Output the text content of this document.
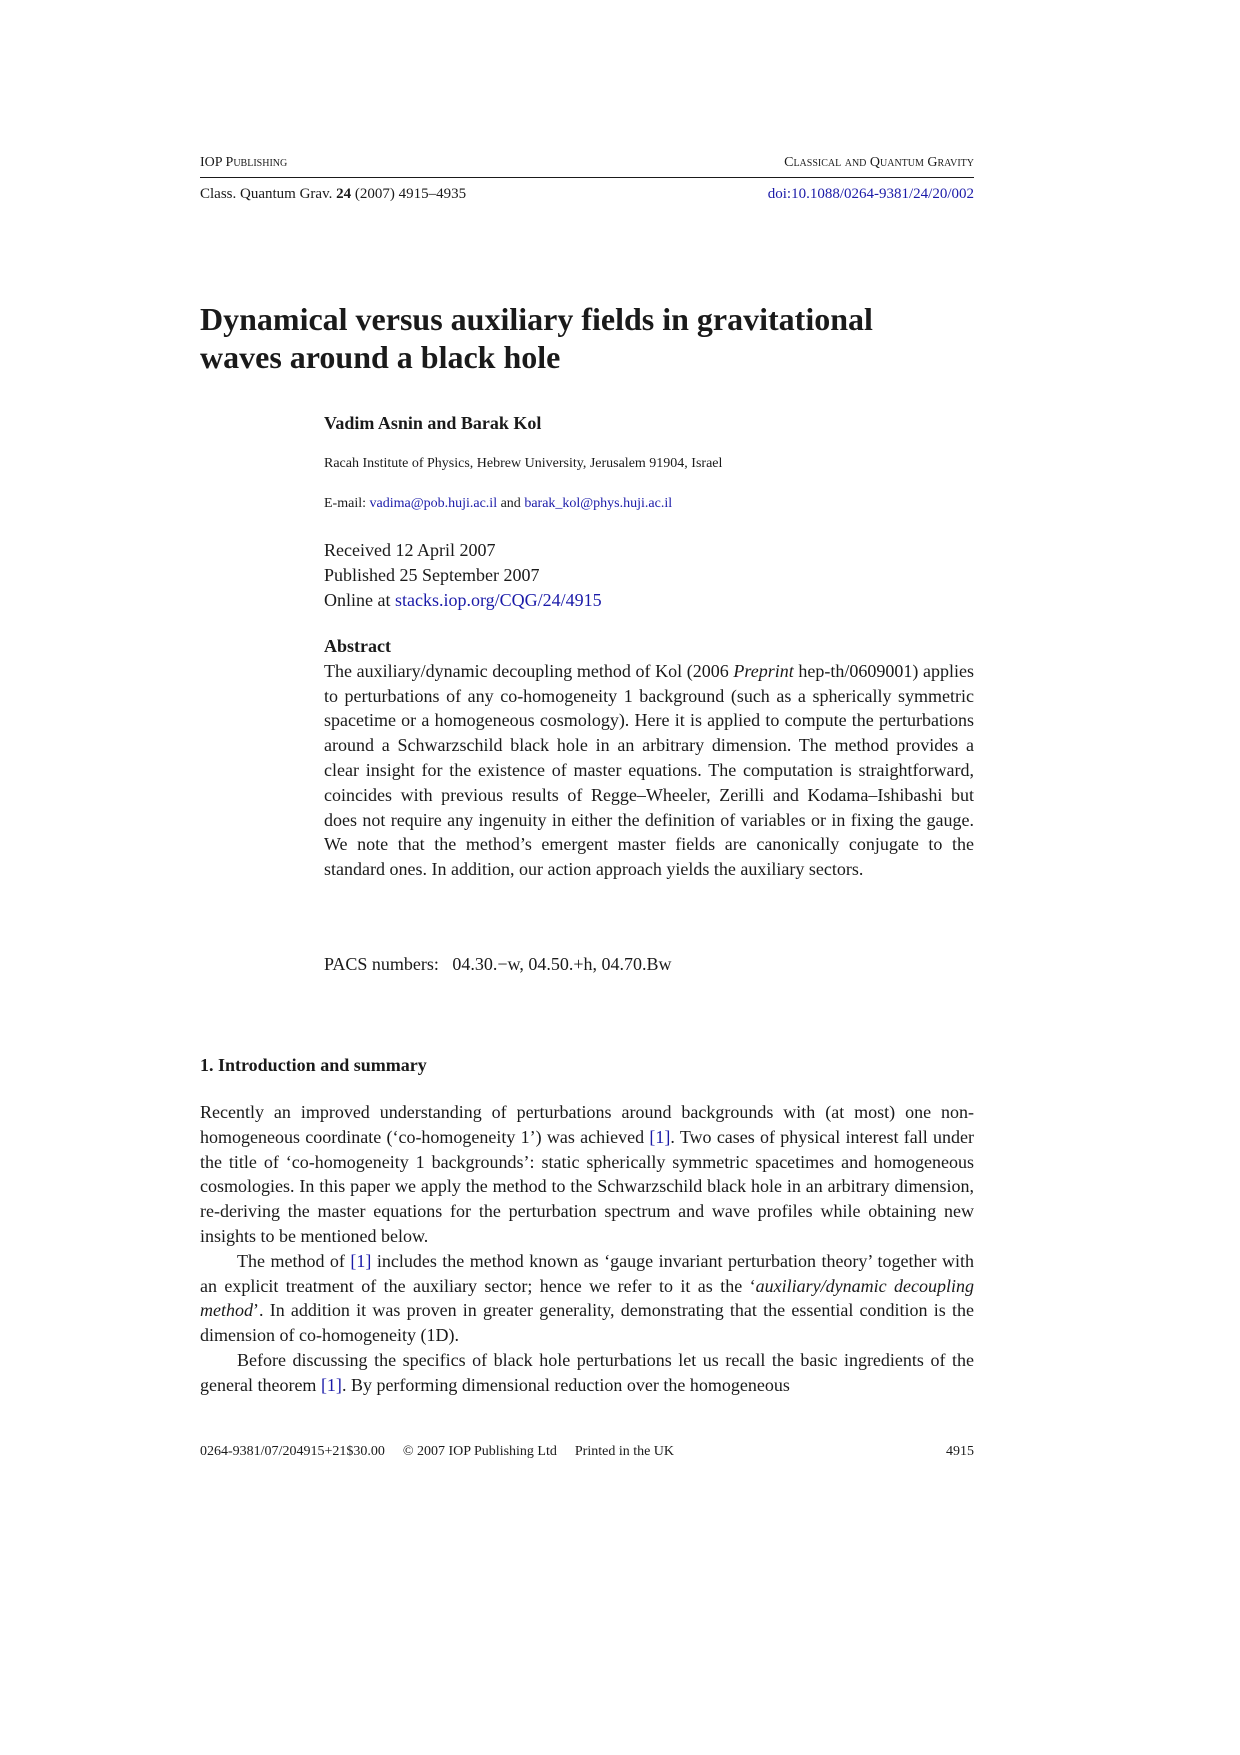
IOP Publishing	Classical and Quantum Gravity
Class. Quantum Grav. 24 (2007) 4915–4935	doi:10.1088/0264-9381/24/20/002
Dynamical versus auxiliary fields in gravitational waves around a black hole

Vadim Asnin and Barak Kol

Racah Institute of Physics, Hebrew University, Jerusalem 91904, Israel
E-mail: vadima@pob.huji.ac.il and barak_kol@phys.huji.ac.il
Received 12 April 2007
Published 25 September 2007
Online at stacks.iop.org/CQG/24/4915

Abstract

The auxiliary/dynamic decoupling method of Kol (2006 Preprint hep-th/0609001) applies to perturbations of any co-homogeneity 1 background (such as a spherically symmetric spacetime or a homogeneous cosmology). Here it is applied to compute the perturbations around a Schwarzschild black hole in an arbitrary dimension. The method provides a clear insight for the existence of master equations. The computation is straightforward, coincides with previous results of Regge–Wheeler, Zerilli and Kodama–Ishibashi but does not require any ingenuity in either the definition of variables or in fixing the gauge. We note that the method’s emergent master fields are canonically conjugate to the standard ones. In addition, our action approach yields the auxiliary sectors.

PACS numbers: 04.30.−w, 04.50.+h, 04.70.Bw
1. Introduction and summary

Recently an improved understanding of perturbations around backgrounds with (at most) one non-homogeneous coordinate (‘co-homogeneity 1’) was achieved [1]. Two cases of physical interest fall under the title of ‘co-homogeneity 1 backgrounds’: static spherically symmetric spacetimes and homogeneous cosmologies. In this paper we apply the method to the Schwarzschild black hole in an arbitrary dimension, re-deriving the master equations for the perturbation spectrum and wave profiles while obtaining new insights to be mentioned below.

The method of [1] includes the method known as ‘gauge invariant perturbation theory’ together with an explicit treatment of the auxiliary sector; hence we refer to it as the ‘auxiliary/dynamic decoupling method’. In addition it was proven in greater generality, demonstrating that the essential condition is the dimension of co-homogeneity (1D).

Before discussing the specifics of black hole perturbations let us recall the basic ingredients of the general theorem [1]. By performing dimensional reduction over the homogeneous

0264-9381/07/204915+21$30.00 © 2007 IOP Publishing Ltd Printed in the UK	4915
